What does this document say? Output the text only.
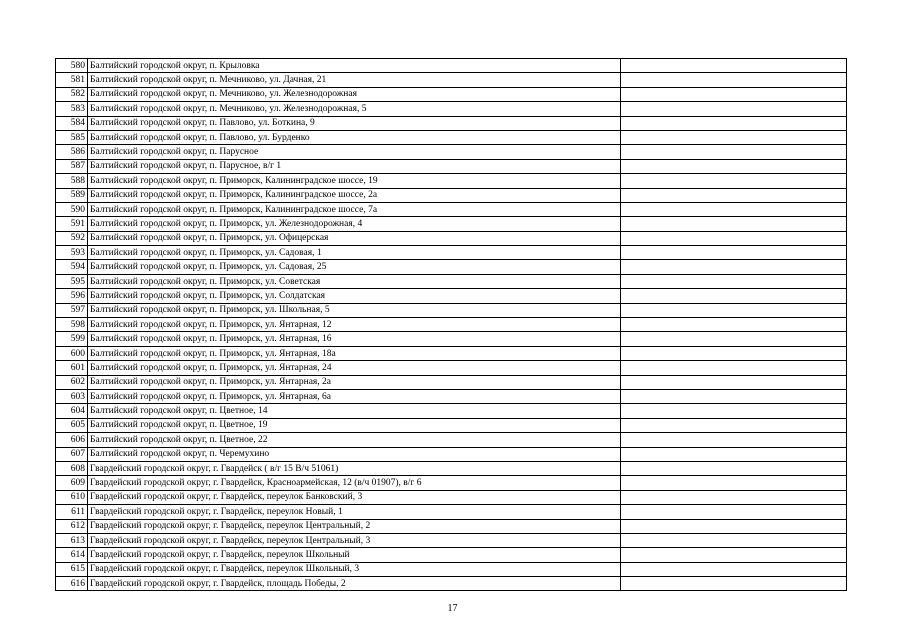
580	Балтийский городской округ, п. Крыловка	
581	Балтийский городской округ, п. Мечниково, ул. Дачная, 21	
582	Балтийский городской округ, п. Мечниково, ул. Железнодорожная	
583	Балтийский городской округ, п. Мечниково, ул. Железнодорожная, 5	
584	Балтийский городской округ, п. Павлово, ул. Боткина, 9	
585	Балтийский городской округ, п. Павлово, ул. Бурденко	
586	Балтийский городской округ, п. Парусное	
587	Балтийский городской округ, п. Парусное, в/г 1	
588	Балтийский городской округ, п. Приморск, Калининградское шоссе, 19	
589	Балтийский городской округ, п. Приморск, Калининградское шоссе, 2а	
590	Балтийский городской округ, п. Приморск, Калининградское шоссе, 7а	
591	Балтийский городской округ, п. Приморск, ул. Железнодорожная, 4	
592	Балтийский городской округ, п. Приморск, ул. Офицерская	
593	Балтийский городской округ, п. Приморск, ул. Садовая, 1	
594	Балтийский городской округ, п. Приморск, ул. Садовая, 25	
595	Балтийский городской округ, п. Приморск, ул. Советская	
596	Балтийский городской округ, п. Приморск, ул. Солдатская	
597	Балтийский городской округ, п. Приморск, ул. Школьная, 5	
598	Балтийский городской округ, п. Приморск, ул. Янтарная, 12	
599	Балтийский городской округ, п. Приморск, ул. Янтарная, 16	
600	Балтийский городской округ, п. Приморск, ул. Янтарная, 18а	
601	Балтийский городской округ, п. Приморск, ул. Янтарная, 24	
602	Балтийский городской округ, п. Приморск, ул. Янтарная, 2а	
603	Балтийский городской округ, п. Приморск, ул. Янтарная, 6а	
604	Балтийский городской округ, п. Цветное, 14	
605	Балтийский городской округ, п. Цветное, 19	
606	Балтийский городской округ, п. Цветное, 22	
607	Балтийский городской округ, п. Черемухино	
608	Гвардейский городской округ, г. Гвардейск ( в/г 15 В/ч 51061)	
609	Гвардейский городской округ, г. Гвардейск, Красноармейская, 12 (в/ч 01907), в/г 6	
610	Гвардейский городской округ, г. Гвардейск, переулок Банковский, 3	
611	Гвардейский городской округ, г. Гвардейск, переулок Новый, 1	
612	Гвардейский городской округ, г. Гвардейск, переулок Центральный, 2	
613	Гвардейский городской округ, г. Гвардейск, переулок Центральный, 3	
614	Гвардейский городской округ, г. Гвардейск, переулок Школьный	
615	Гвардейский городской округ, г. Гвардейск, переулок Школьный, 3	
616	Гвардейский городской округ, г. Гвардейск, площадь Победы, 2	
17
